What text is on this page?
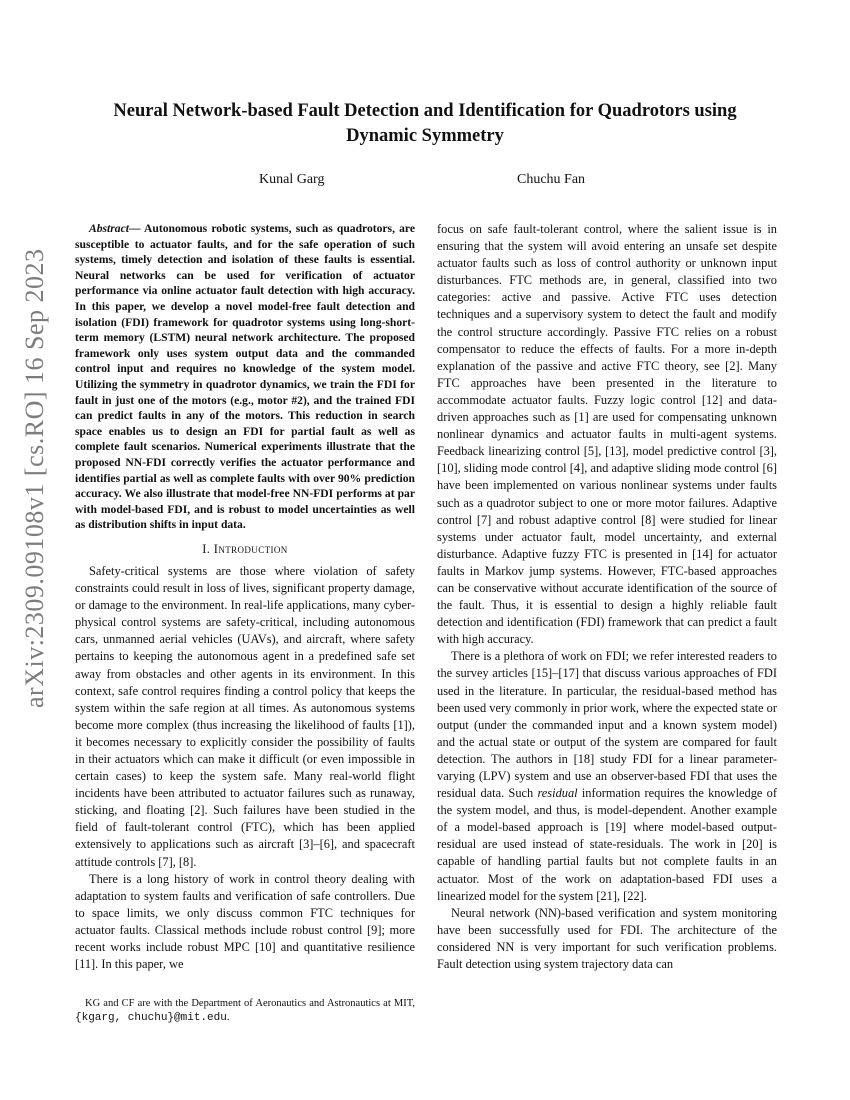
arXiv:2309.09108v1 [cs.RO] 16 Sep 2023
Neural Network-based Fault Detection and Identification for Quadrotors using Dynamic Symmetry
Kunal Garg	Chuchu Fan

Abstract— Autonomous robotic systems, such as quadrotors, are susceptible to actuator faults, and for the safe operation of such systems, timely detection and isolation of these faults is essential. Neural networks can be used for verification of actuator performance via online actuator fault detection with high accuracy. In this paper, we develop a novel model-free fault detection and isolation (FDI) framework for quadrotor systems using long-short-term memory (LSTM) neural network architecture. The proposed framework only uses system output data and the commanded control input and requires no knowledge of the system model. Utilizing the symmetry in quadrotor dynamics, we train the FDI for fault in just one of the motors (e.g., motor #2), and the trained FDI can predict faults in any of the motors. This reduction in search space enables us to design an FDI for partial fault as well as complete fault scenarios. Numerical experiments illustrate that the proposed NN-FDI correctly verifies the actuator performance and identifies partial as well as complete faults with over 90% prediction accuracy. We also illustrate that model-free NN-FDI performs at par with model-based FDI, and is robust to model uncertainties as well as distribution shifts in input data.

I. Introduction

Safety-critical systems are those where violation of safety constraints could result in loss of lives, significant property damage, or damage to the environment. In real-life applications, many cyber-physical control systems are safety-critical, including autonomous cars, unmanned aerial vehicles (UAVs), and aircraft, where safety pertains to keeping the autonomous agent in a predefined safe set away from obstacles and other agents in its environment. In this context, safe control requires finding a control policy that keeps the system within the safe region at all times. As autonomous systems become more complex (thus increasing the likelihood of faults [1]), it becomes necessary to explicitly consider the possibility of faults in their actuators which can make it difficult (or even impossible in certain cases) to keep the system safe. Many real-world flight incidents have been attributed to actuator failures such as runaway, sticking, and floating [2]. Such failures have been studied in the field of fault-tolerant control (FTC), which has been applied extensively to applications such as aircraft [3]–[6], and spacecraft attitude controls [7], [8].

There is a long history of work in control theory dealing with adaptation to system faults and verification of safe controllers. Due to space limits, we only discuss common FTC techniques for actuator faults. Classical methods include robust control [9]; more recent works include robust MPC [10] and quantitative resilience [11]. In this paper, we

KG and CF are with the Department of Aeronautics and Astronautics at MIT, {kgarg, chuchu}@mit.edu.

focus on safe fault-tolerant control, where the salient issue is in ensuring that the system will avoid entering an unsafe set despite actuator faults such as loss of control authority or unknown input disturbances. FTC methods are, in general, classified into two categories: active and passive. Active FTC uses detection techniques and a supervisory system to detect the fault and modify the control structure accordingly. Passive FTC relies on a robust compensator to reduce the effects of faults. For a more in-depth explanation of the passive and active FTC theory, see [2]. Many FTC approaches have been presented in the literature to accommodate actuator faults. Fuzzy logic control [12] and data-driven approaches such as [1] are used for compensating unknown nonlinear dynamics and actuator faults in multi-agent systems. Feedback linearizing control [5], [13], model predictive control [3], [10], sliding mode control [4], and adaptive sliding mode control [6] have been implemented on various nonlinear systems under faults such as a quadrotor subject to one or more motor failures. Adaptive control [7] and robust adaptive control [8] were studied for linear systems under actuator fault, model uncertainty, and external disturbance. Adaptive fuzzy FTC is presented in [14] for actuator faults in Markov jump systems. However, FTC-based approaches can be conservative without accurate identification of the source of the fault. Thus, it is essential to design a highly reliable fault detection and identification (FDI) framework that can predict a fault with high accuracy.

There is a plethora of work on FDI; we refer interested readers to the survey articles [15]–[17] that discuss various approaches of FDI used in the literature. In particular, the residual-based method has been used very commonly in prior work, where the expected state or output (under the commanded input and a known system model) and the actual state or output of the system are compared for fault detection. The authors in [18] study FDI for a linear parameter-varying (LPV) system and use an observer-based FDI that uses the residual data. Such residual information requires the knowledge of the system model, and thus, is model-dependent. Another example of a model-based approach is [19] where model-based output-residual are used instead of state-residuals. The work in [20] is capable of handling partial faults but not complete faults in an actuator. Most of the work on adaptation-based FDI uses a linearized model for the system [21], [22].

Neural network (NN)-based verification and system monitoring have been successfully used for FDI. The architecture of the considered NN is very important for such verification problems. Fault detection using system trajectory data can
